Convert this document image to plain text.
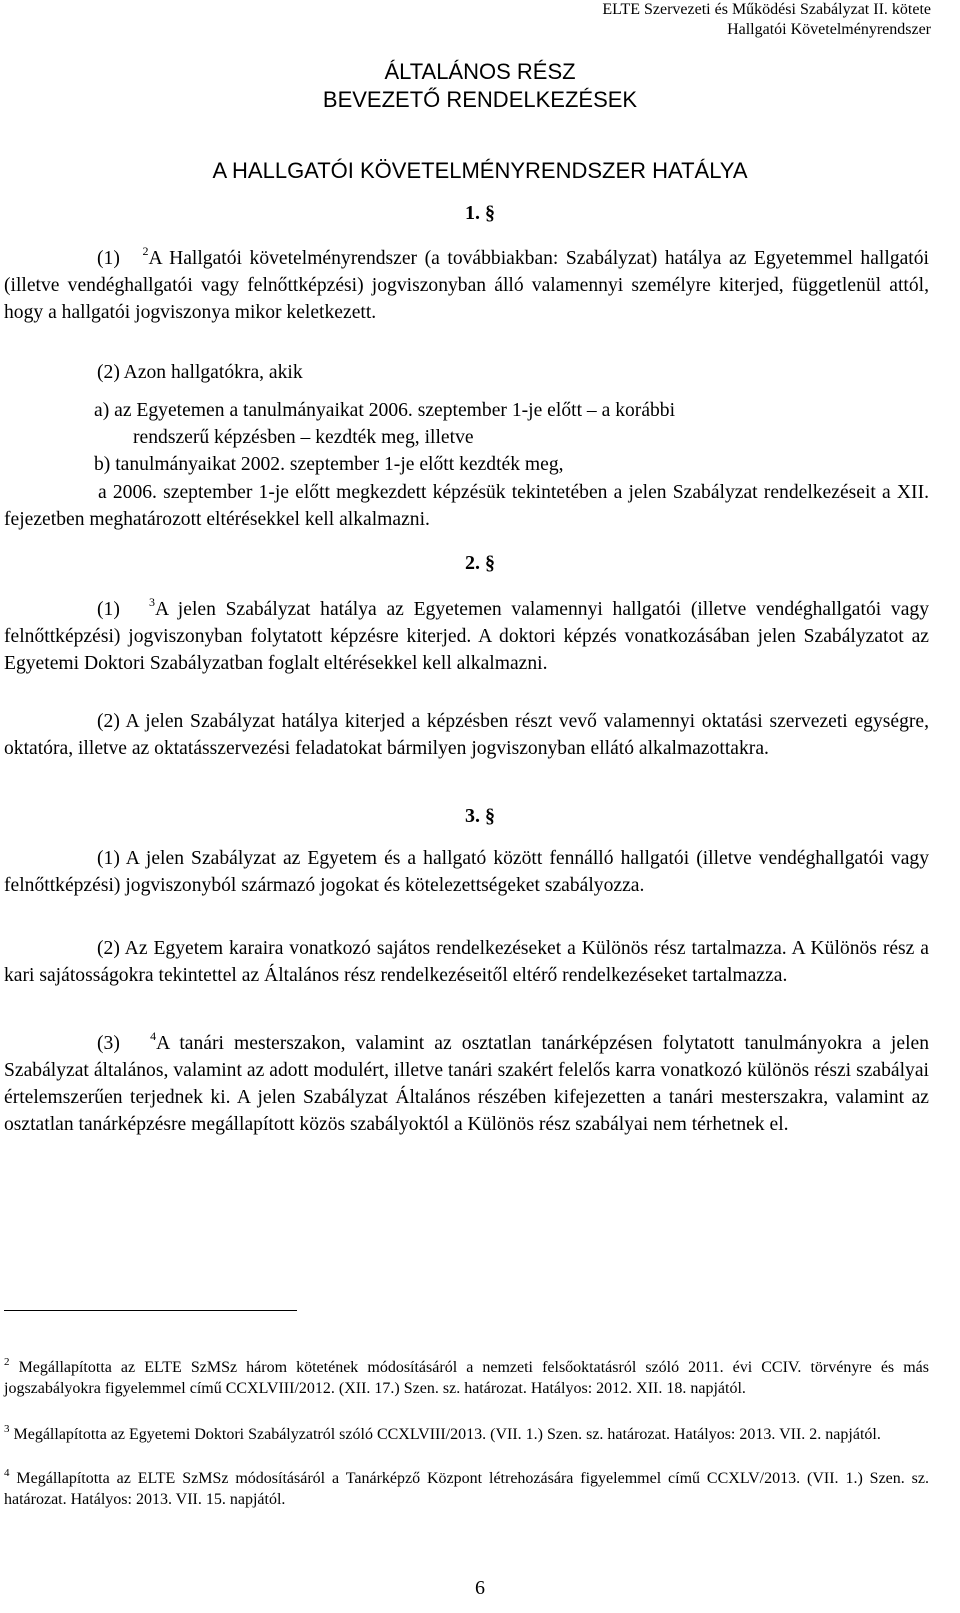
ELTE Szervezeti és Működési Szabályzat II. kötete
Hallgatói Követelményrendszer
ÁLTALÁNOS RÉSZ
BEVEZETŐ RENDELKEZÉSEK
A HALLGATÓI KÖVETELMÉNYRENDSZER HATÁLYA
1. §

(1) $^2$A Hallgatói követelményrendszer (a továbbiakban: Szabályzat) hatálya az Egyetemmel hallgatói (illetve vendéghallgatói vagy felnőttképzési) jogviszonyban álló valamennyi személyre kiterjed, függetlenül attól, hogy a hallgatói jogviszonya mikor keletkezett.

(2) Azon hallgatókra, akik

a) az Egyetemen a tanulmányaikat 2006. szeptember 1-je előtt – a korábbi

rendszerű képzésben – kezdték meg, illetve

b) tanulmányaikat 2002. szeptember 1-je előtt kezdték meg,

a 2006. szeptember 1-je előtt megkezdett képzésük tekintetében a jelen Szabályzat rendelkezéseit a XII. fejezetben meghatározott eltérésekkel kell alkalmazni.

2. §

(1) $^3$A jelen Szabályzat hatálya az Egyetemen valamennyi hallgatói (illetve vendéghallgatói vagy felnőttképzési) jogviszonyban folytatott képzésre kiterjed. A doktori képzés vonatkozásában jelen Szabályzatot az Egyetemi Doktori Szabályzatban foglalt eltérésekkel kell alkalmazni.

(2) A jelen Szabályzat hatálya kiterjed a képzésben részt vevő valamennyi oktatási szervezeti egységre, oktatóra, illetve az oktatásszervezési feladatokat bármilyen jogviszonyban ellátó alkalmazottakra.

3. §

(1) A jelen Szabályzat az Egyetem és a hallgató között fennálló hallgatói (illetve vendéghallgatói vagy felnőttképzési) jogviszonyból származó jogokat és kötelezettségeket szabályozza.

(2) Az Egyetem karaira vonatkozó sajátos rendelkezéseket a Különös rész tartalmazza. A Különös rész a kari sajátosságokra tekintettel az Általános rész rendelkezéseitől eltérő rendelkezéseket tartalmazza.

(3)	$^4$A tanári mesterszakon, valamint az osztatlan tanárképzésen folytatott tanulmányokra a jelen Szabályzat általános, valamint az adott modulért, illetve tanári szakért felelős karra vonatkozó különös részi szabályai értelemszerűen terjednek ki. A jelen Szabályzat Általános részében kifejezetten a tanári mesterszakra, valamint az osztatlan tanárképzésre megállapított közös szabályoktól a Különös rész szabályai nem térhetnek el.

$^2$ Megállapította az ELTE SzMSz három kötetének módosításáról a nemzeti felsőoktatásról szóló 2011. évi CCIV. törvényre és más jogszabályokra figyelemmel című CCXLVIII/2012. (XII. 17.) Szen. sz. határozat. Hatályos: 2012. XII. 18. napjától.

$^3$ Megállapította az Egyetemi Doktori Szabályzatról szóló CCXLVIII/2013. (VII. 1.) Szen. sz. határozat. Hatályos: 2013. VII. 2. napjától.

$^4$ Megállapította az ELTE SzMSz módosításáról a Tanárképző Központ létrehozására figyelemmel című CCXLV/2013. (VII. 1.) Szen. sz. határozat. Hatályos: 2013. VII. 15. napjától.

6
